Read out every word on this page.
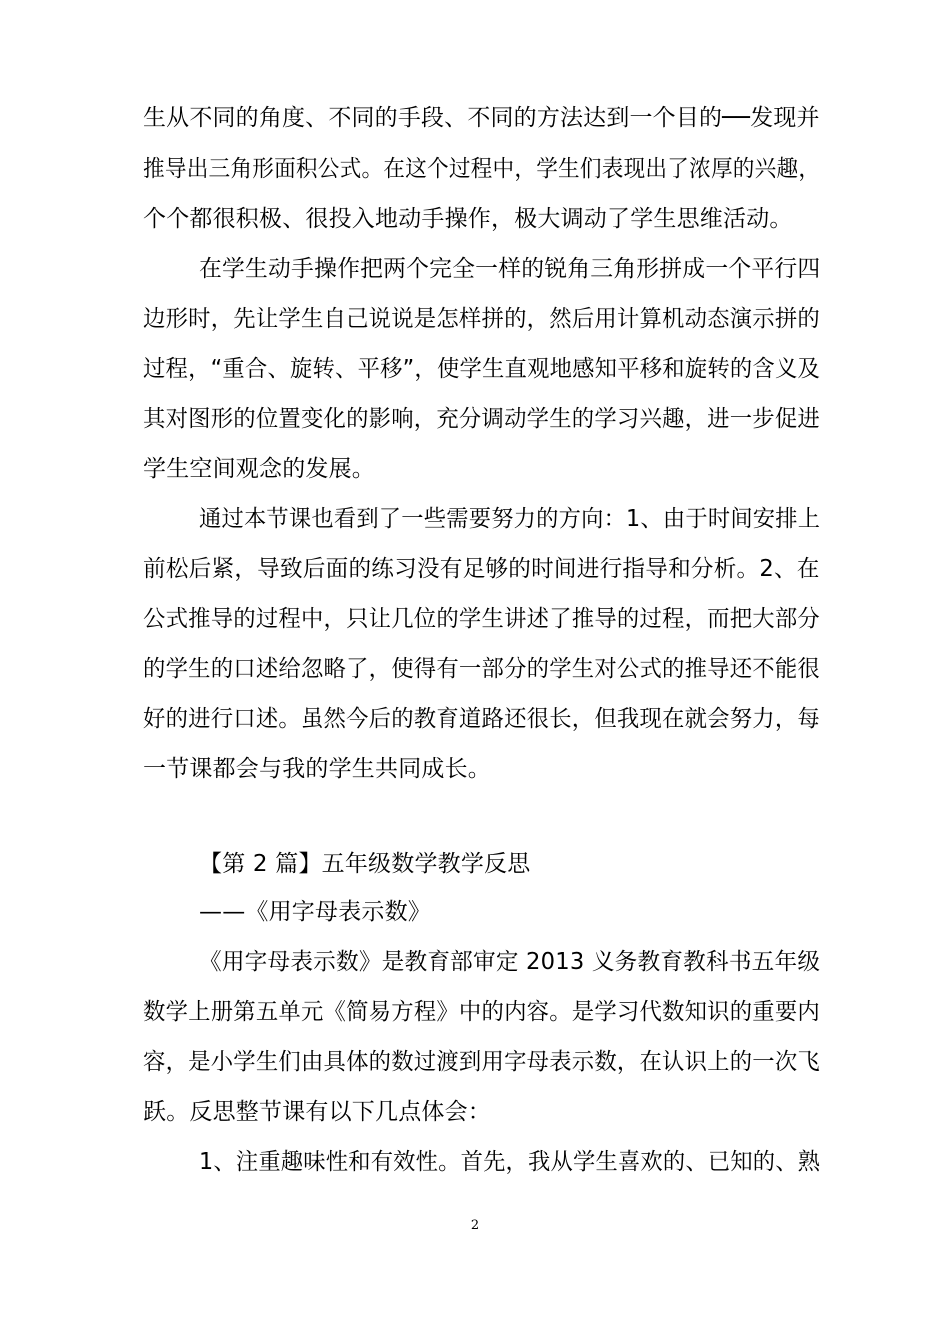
生从不同的角度、不同的手段、不同的方法达到一个目的──发现并
推导出三角形面积公式。在这个过程中，学生们表现出了浓厚的兴趣，
个个都很积极、很投入地动手操作，极大调动了学生思维活动。
在学生动手操作把两个完全一样的锐角三角形拼成一个平行四
边形时，先让学生自己说说是怎样拼的，然后用计算机动态演示拼的
过程，“重合、旋转、平移”，使学生直观地感知平移和旋转的含义及
其对图形的位置变化的影响，充分调动学生的学习兴趣，进一步促进
学生空间观念的发展。
通过本节课也看到了一些需要努力的方向：1、由于时间安排上
前松后紧，导致后面的练习没有足够的时间进行指导和分析。2、在
公式推导的过程中，只让几位的学生讲述了推导的过程，而把大部分
的学生的口述给忽略了，使得有一部分的学生对公式的推导还不能很
好的进行口述。虽然今后的教育道路还很长，但我现在就会努力，每
一节课都会与我的学生共同成长。
【第 2 篇】五年级数学教学反思
——《用字母表示数》
《用字母表示数》是教育部审定 2013 义务教育教科书五年级
数学上册第五单元《简易方程》中的内容。是学习代数知识的重要内
容，是小学生们由具体的数过渡到用字母表示数，在认识上的一次飞
跃。反思整节课有以下几点体会：
1、注重趣味性和有效性。首先，我从学生喜欢的、已知的、熟
2
